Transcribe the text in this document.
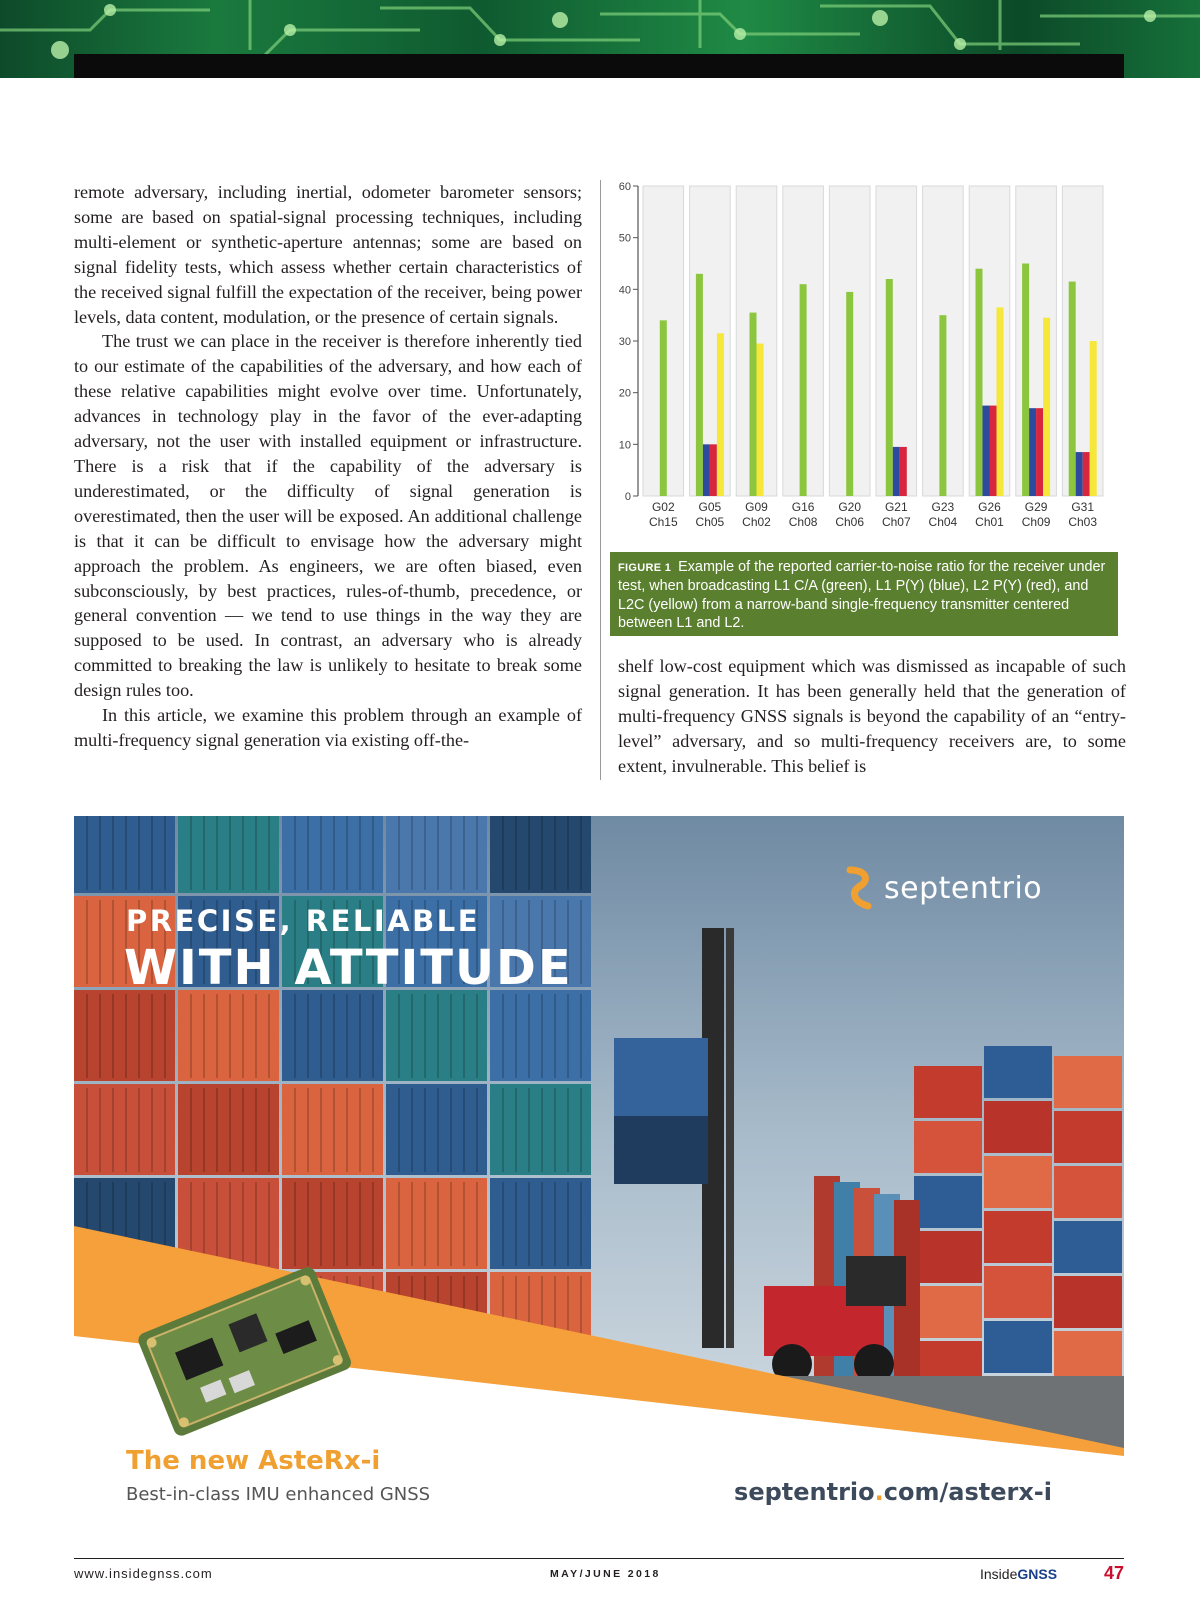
remote adversary, including inertial, odometer barometer sensors; some are based on spatial-signal processing techniques, including multi-element or synthetic-aperture antennas; some are based on signal fidelity tests, which assess whether certain characteristics of the received signal fulfill the expectation of the receiver, being power levels, data content, modulation, or the presence of certain signals.

The trust we can place in the receiver is therefore inherently tied to our estimate of the capabilities of the adversary, and how each of these relative capabilities might evolve over time. Unfortunately, advances in technology play in the favor of the ever-adapting adversary, not the user with installed equipment or infrastructure. There is a risk that if the capability of the adversary is underestimated, or the difficulty of signal generation is overestimated, then the user will be exposed. An additional challenge is that it can be difficult to envisage how the adversary might approach the problem. As engineers, we are often biased, even subconsciously, by best practices, rules-of-thumb, precedence, or general convention — we tend to use things in the way they are supposed to be used. In contrast, an adversary who is already committed to breaking the law is unlikely to hesitate to break some design rules too.

In this article, we examine this problem through an example of multi-frequency signal generation via existing off-the-

0
10
20
30
40
50
60
G02
Ch15
G05
Ch05
G09
Ch02
G16
Ch08
G20
Ch06
G21
Ch07
G23
Ch04
G26
Ch01
G29
Ch09
G31
Ch03
FIGURE 1 Example of the reported carrier-to-noise ratio for the receiver under test, when broadcasting L1 C/A (green), L1 P(Y) (blue), L2 P(Y) (red), and L2C (yellow) from a narrow-band single-frequency transmitter centered between L1 and L2.

shelf low-cost equipment which was dismissed as incapable of such signal generation. It has been generally held that the generation of multi-frequency GNSS signals is beyond the capability of an “entry-level” adversary, and so multi-frequency receivers are, to some extent, invulnerable. This belief is

PRECISE, RELIABLE
WITH ATTITUDE
septentrio
The new AsteRx-i
Best-in-class IMU enhanced GNSS	septentrio.com/asterx-i
www.insidegnss.com	MAY/JUNE 2018	InsideGNSS	47
